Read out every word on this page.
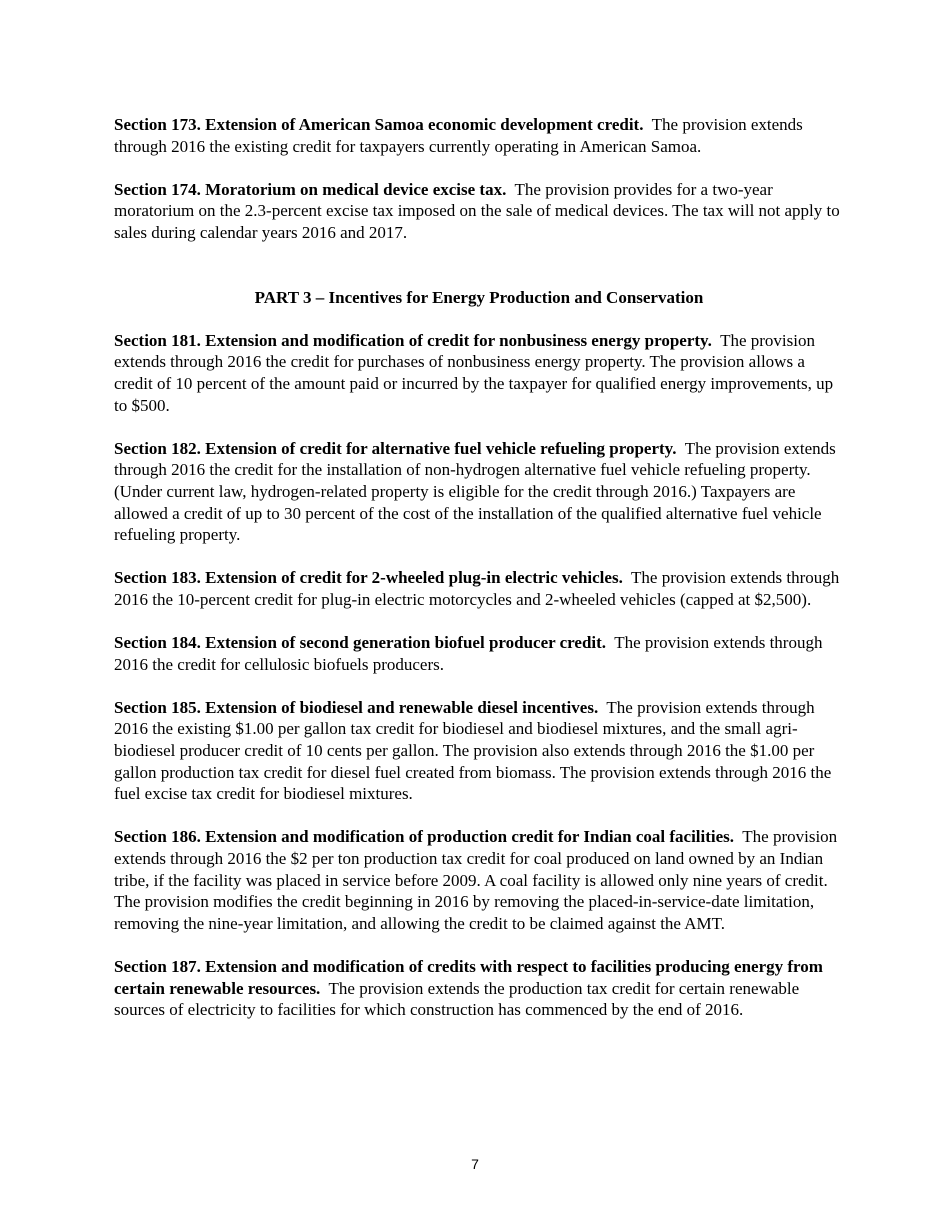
Section 173. Extension of American Samoa economic development credit. The provision extends through 2016 the existing credit for taxpayers currently operating in American Samoa.

Section 174. Moratorium on medical device excise tax. The provision provides for a two-year moratorium on the 2.3-percent excise tax imposed on the sale of medical devices. The tax will not apply to sales during calendar years 2016 and 2017.

PART 3 – Incentives for Energy Production and Conservation

Section 181. Extension and modification of credit for nonbusiness energy property. The provision extends through 2016 the credit for purchases of nonbusiness energy property. The provision allows a credit of 10 percent of the amount paid or incurred by the taxpayer for qualified energy improvements, up to $500.

Section 182. Extension of credit for alternative fuel vehicle refueling property. The provision extends through 2016 the credit for the installation of non-hydrogen alternative fuel vehicle refueling property. (Under current law, hydrogen-related property is eligible for the credit through 2016.) Taxpayers are allowed a credit of up to 30 percent of the cost of the installation of the qualified alternative fuel vehicle refueling property.

Section 183. Extension of credit for 2-wheeled plug-in electric vehicles. The provision extends through 2016 the 10-percent credit for plug-in electric motorcycles and 2-wheeled vehicles (capped at $2,500).

Section 184. Extension of second generation biofuel producer credit. The provision extends through 2016 the credit for cellulosic biofuels producers.

Section 185. Extension of biodiesel and renewable diesel incentives. The provision extends through 2016 the existing $1.00 per gallon tax credit for biodiesel and biodiesel mixtures, and the small agri-biodiesel producer credit of 10 cents per gallon. The provision also extends through 2016 the $1.00 per gallon production tax credit for diesel fuel created from biomass. The provision extends through 2016 the fuel excise tax credit for biodiesel mixtures.

Section 186. Extension and modification of production credit for Indian coal facilities. The provision extends through 2016 the $2 per ton production tax credit for coal produced on land owned by an Indian tribe, if the facility was placed in service before 2009. A coal facility is allowed only nine years of credit. The provision modifies the credit beginning in 2016 by removing the placed-in-service-date limitation, removing the nine-year limitation, and allowing the credit to be claimed against the AMT.

Section 187. Extension and modification of credits with respect to facilities producing energy from certain renewable resources. The provision extends the production tax credit for certain renewable sources of electricity to facilities for which construction has commenced by the end of 2016.

7
